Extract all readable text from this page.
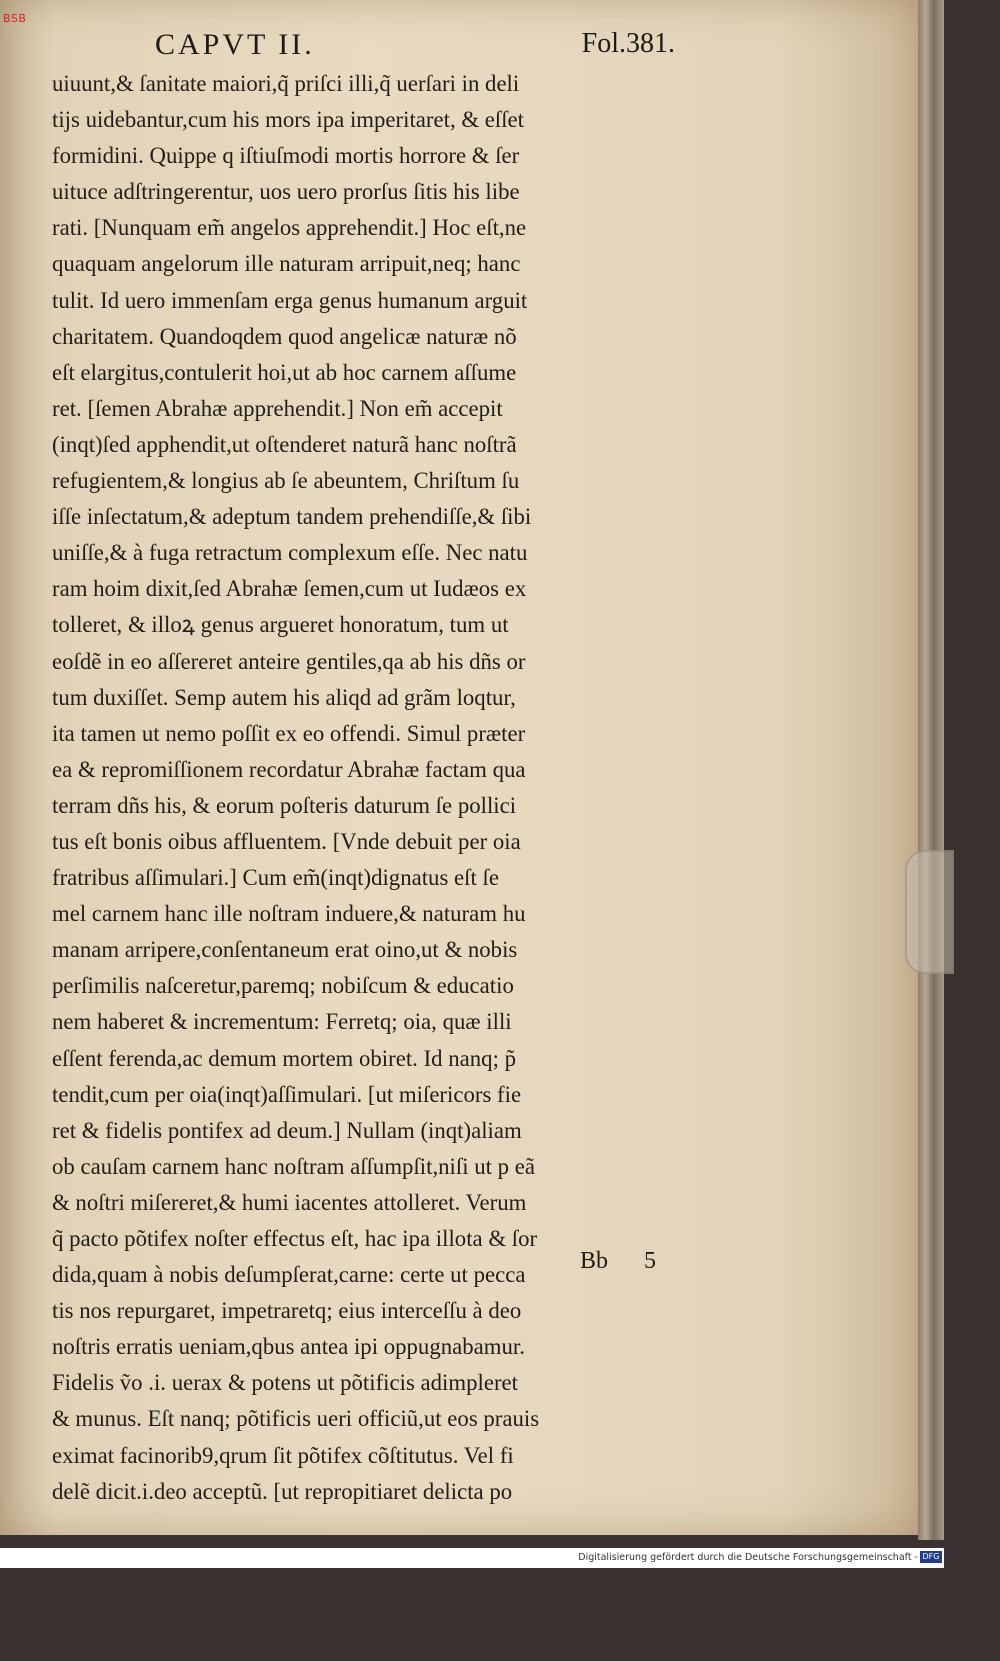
BSB
CAPVT II.	Fol.381.
uiuunt,& ſanitate maiori,q̃ priſci illi,q̃ uerſari in deli
tijs uidebantur,cum his mors ipa imperitaret, & eſſet
formidini. Quippe q iſtiuſmodi mortis horrore & ſer
uituce adſtringerentur, uos uero prorſus ſitis his libe
rati. [Nunquam em̃ angelos apprehendit.] Hoc eſt,ne
quaquam angelorum ille naturam arripuit,neq; hanc
tulit. Id uero immenſam erga genus humanum arguit
charitatem. Quandoqdem quod angelicæ naturæ nõ
eſt elargitus,contulerit hoi,ut ab hoc carnem aſſume
ret. [ſemen Abrahæ apprehendit.] Non em̃ accepit
(inqt)ſed apphendit,ut oſtenderet naturã hanc noſtrã
refugientem,& longius ab ſe abeuntem, Chriſtum ſu
iſſe inſectatum,& adeptum tandem prehendiſſe,& ſibi
uniſſe,& à fuga retractum complexum eſſe. Nec natu
ram hoim dixit,ſed Abrahæ ſemen,cum ut Iudæos ex
tolleret, & illoꝝ genus argueret honoratum, tum ut
eoſdẽ in eo aſſereret anteire gentiles,qa ab his dñs or
tum duxiſſet. Semp autem his aliqd ad grãm loqtur,
ita tamen ut nemo poſſit ex eo offendi. Simul præter
ea & repromiſſionem recordatur Abrahæ factam qua
terram dñs his, & eorum poſteris daturum ſe pollici
tus eſt bonis oibus affluentem. [Vnde debuit per oia
fratribus aſſimulari.] Cum em̃(inqt)dignatus eſt ſe
mel carnem hanc ille noſtram induere,& naturam hu
manam arripere,conſentaneum erat oino,ut & nobis
perſimilis naſceretur,paremq; nobiſcum & educatio
nem haberet & incrementum: Ferretq; oia, quæ illi
eſſent ferenda,ac demum mortem obiret. Id nanq; p̃
tendit,cum per oia(inqt)aſſimulari. [ut miſericors fie
ret & fidelis pontifex ad deum.] Nullam (inqt)aliam
ob cauſam carnem hanc noſtram aſſumpſit,niſi ut p eã
& noſtri miſereret,& humi iacentes attolleret. Verum
q̃ pacto põtifex noſter effectus eſt, hac ipa illota & ſor
dida,quam à nobis deſumpſerat,carne: certe ut pecca
tis nos repurgaret, impetraretq; eius interceſſu à deo
noſtris erratis ueniam,qbus antea ipi oppugnabamur.
Fidelis ṽo .i. uerax & potens ut põtificis adimpleret
& munus. Eſt nanq; põtificis ueri officiũ,ut eos prauis
eximat facinorib9,qrum ſit põtifex cõſtitutus. Vel fi
delẽ dicit.i.deo acceptũ. [ut repropitiaret delicta po
Bb 5
Digitalisierung gefördert durch die Deutsche Forschungsgemeinschaft - DFG
